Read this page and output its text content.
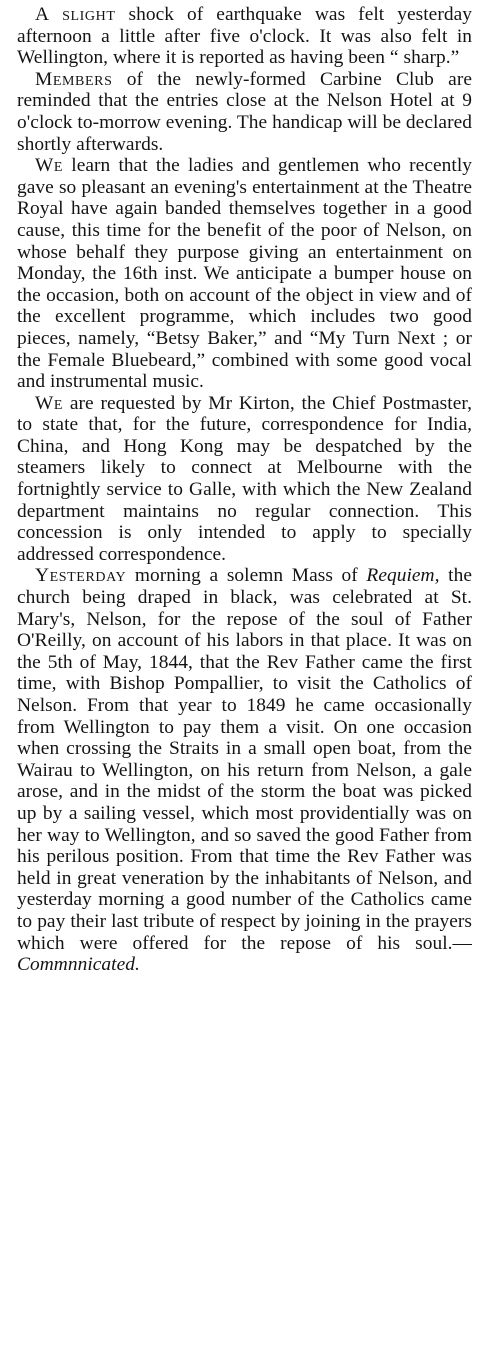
A slight shock of earthquake was felt yesterday afternoon a little after five o'clock. It was also felt in Wellington, where it is reported as having been “ sharp.”

Members of the newly-formed Carbine Club are reminded that the entries close at the Nelson Hotel at 9 o'clock to-morrow evening. The handicap will be declared shortly afterwards.

We learn that the ladies and gentlemen who recently gave so pleasant an evening's entertainment at the Theatre Royal have again banded themselves together in a good cause, this time for the benefit of the poor of Nelson, on whose behalf they purpose giving an entertainment on Monday, the 16th inst. We anticipate a bumper house on the occasion, both on account of the object in view and of the excellent programme, which includes two good pieces, namely, “Betsy Baker,” and “My Turn Next ; or the Female Bluebeard,” combined with some good vocal and instrumental music.

We are requested by Mr Kirton, the Chief Postmaster, to state that, for the future, correspondence for India, China, and Hong Kong may be despatched by the steamers likely to connect at Melbourne with the fortnightly service to Galle, with which the New Zealand department maintains no regular connection. This concession is only intended to apply to specially addressed correspondence.

Yesterday morning a solemn Mass of Requiem, the church being draped in black, was celebrated at St. Mary's, Nelson, for the repose of the soul of Father O'Reilly, on account of his labors in that place. It was on the 5th of May, 1844, that the Rev Father came the first time, with Bishop Pompallier, to visit the Catholics of Nelson. From that year to 1849 he came occasionally from Wellington to pay them a visit. On one occasion when crossing the Straits in a small open boat, from the Wairau to Wellington, on his return from Nelson, a gale arose, and in the midst of the storm the boat was picked up by a sailing vessel, which most providentially was on her way to Wellington, and so saved the good Father from his perilous position. From that time the Rev Father was held in great veneration by the inhabitants of Nelson, and yesterday morning a good number of the Catholics came to pay their last tribute of respect by joining in the prayers which were offered for the repose of his soul.—Commnnicated.
